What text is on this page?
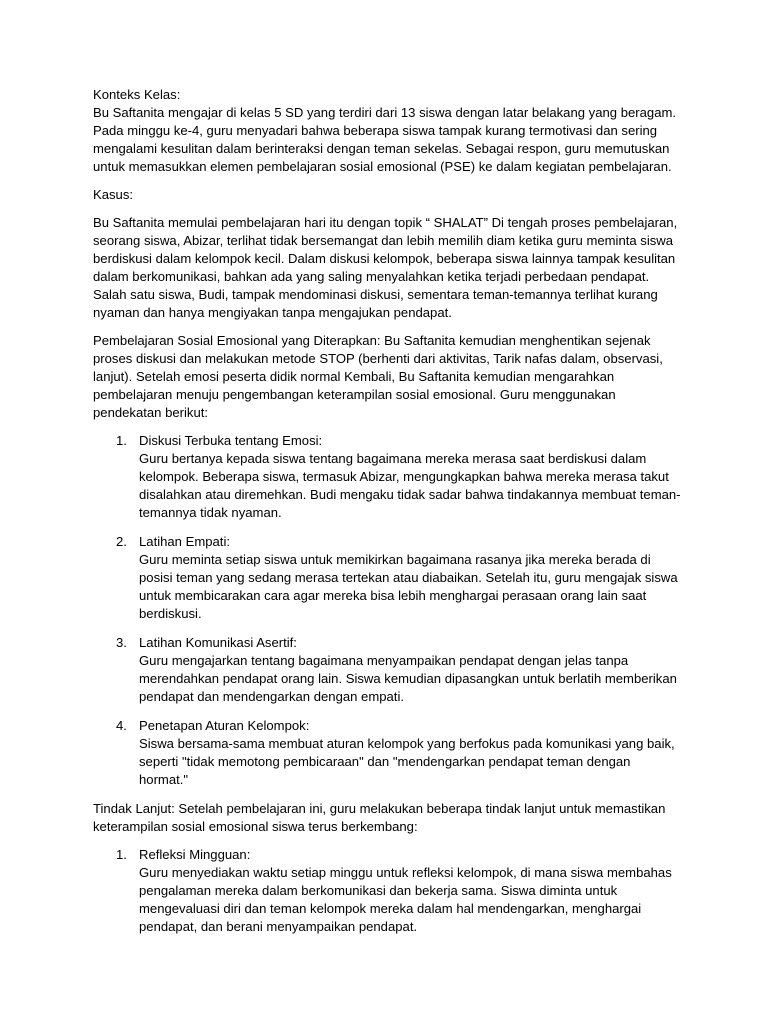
Konteks Kelas:
Bu Saftanita mengajar di kelas 5 SD yang terdiri dari 13 siswa dengan latar belakang yang beragam. Pada minggu ke-4, guru menyadari bahwa beberapa siswa tampak kurang termotivasi dan sering mengalami kesulitan dalam berinteraksi dengan teman sekelas. Sebagai respon, guru memutuskan untuk memasukkan elemen pembelajaran sosial emosional (PSE) ke dalam kegiatan pembelajaran.

Kasus:

Bu Saftanita memulai pembelajaran hari itu dengan topik “ SHALAT” Di tengah proses pembelajaran, seorang siswa, Abizar, terlihat tidak bersemangat dan lebih memilih diam ketika guru meminta siswa berdiskusi dalam kelompok kecil. Dalam diskusi kelompok, beberapa siswa lainnya tampak kesulitan dalam berkomunikasi, bahkan ada yang saling menyalahkan ketika terjadi perbedaan pendapat. Salah satu siswa, Budi, tampak mendominasi diskusi, sementara teman-temannya terlihat kurang nyaman dan hanya mengiyakan tanpa mengajukan pendapat.

Pembelajaran Sosial Emosional yang Diterapkan: Bu Saftanita kemudian menghentikan sejenak proses diskusi dan melakukan metode STOP (berhenti dari aktivitas, Tarik nafas dalam, observasi, lanjut). Setelah emosi peserta didik normal Kembali, Bu Saftanita kemudian mengarahkan pembelajaran menuju pengembangan keterampilan sosial emosional. Guru menggunakan pendekatan berikut:

1. Diskusi Terbuka tentang Emosi:
Guru bertanya kepada siswa tentang bagaimana mereka merasa saat berdiskusi dalam kelompok. Beberapa siswa, termasuk Abizar, mengungkapkan bahwa mereka merasa takut disalahkan atau diremehkan. Budi mengaku tidak sadar bahwa tindakannya membuat teman-temannya tidak nyaman.
2. Latihan Empati:
Guru meminta setiap siswa untuk memikirkan bagaimana rasanya jika mereka berada di posisi teman yang sedang merasa tertekan atau diabaikan. Setelah itu, guru mengajak siswa untuk membicarakan cara agar mereka bisa lebih menghargai perasaan orang lain saat berdiskusi.
3. Latihan Komunikasi Asertif:
Guru mengajarkan tentang bagaimana menyampaikan pendapat dengan jelas tanpa merendahkan pendapat orang lain. Siswa kemudian dipasangkan untuk berlatih memberikan pendapat dan mendengarkan dengan empati.
4. Penetapan Aturan Kelompok:
Siswa bersama-sama membuat aturan kelompok yang berfokus pada komunikasi yang baik, seperti "tidak memotong pembicaraan" dan "mendengarkan pendapat teman dengan hormat."

Tindak Lanjut: Setelah pembelajaran ini, guru melakukan beberapa tindak lanjut untuk memastikan keterampilan sosial emosional siswa terus berkembang:

1. Refleksi Mingguan:
Guru menyediakan waktu setiap minggu untuk refleksi kelompok, di mana siswa membahas pengalaman mereka dalam berkomunikasi dan bekerja sama. Siswa diminta untuk mengevaluasi diri dan teman kelompok mereka dalam hal mendengarkan, menghargai pendapat, dan berani menyampaikan pendapat.
